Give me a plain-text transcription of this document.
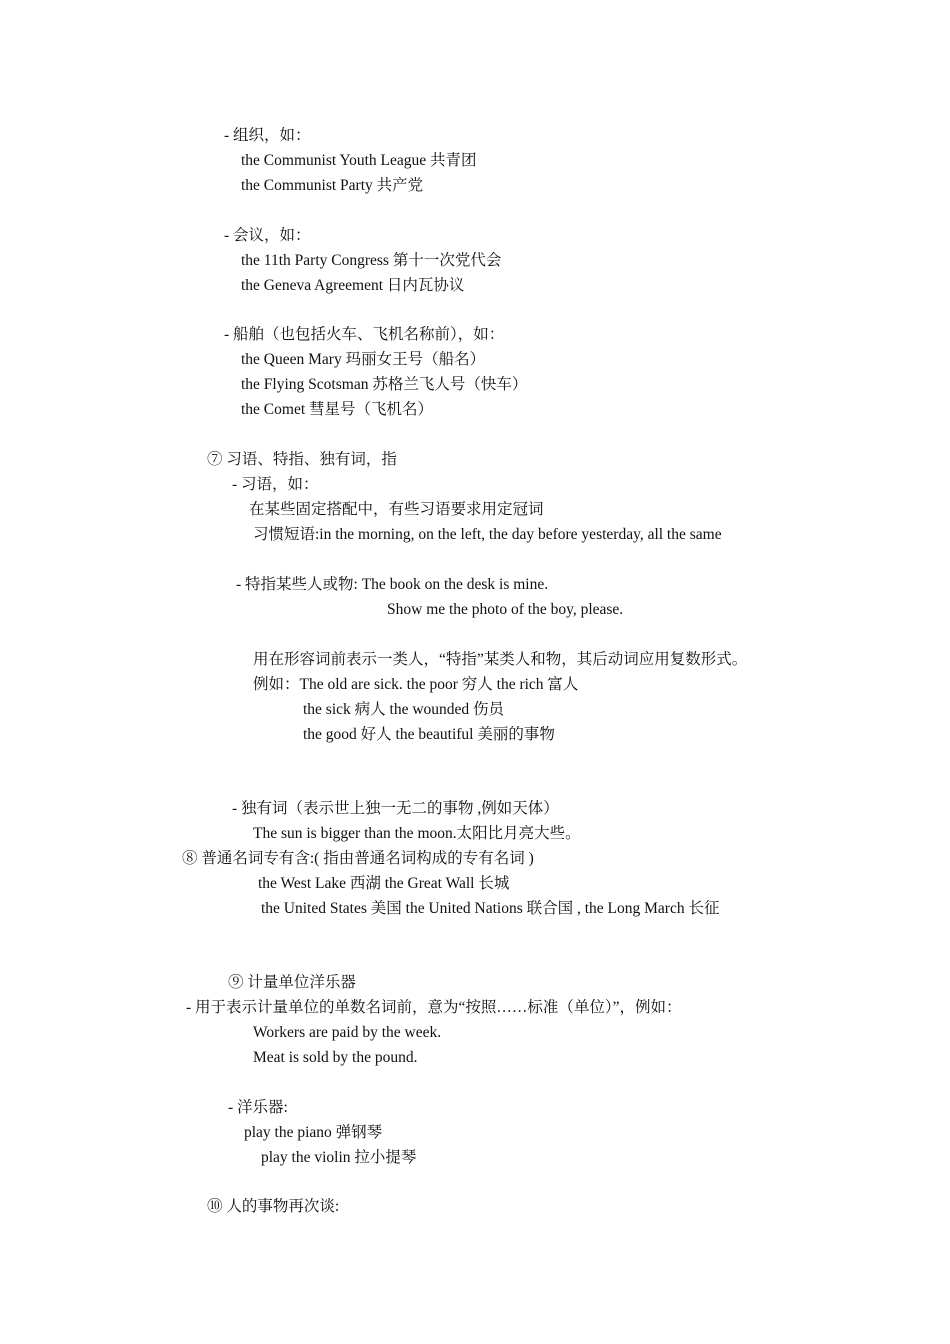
- 组织，如：
the Communist Youth League 共青团
the Communist Party 共产党
- 会议，如：
the 11th Party Congress 第十一次党代会
the Geneva Agreement 日内瓦协议
- 船舶（也包括火车、飞机名称前），如：
the Queen Mary 玛丽女王号（船名）
the Flying Scotsman 苏格兰飞人号（快车）
the Comet 彗星号（飞机名）
⑦ 习语、特指、独有词，指
- 习语，如：
在某些固定搭配中，有些习语要求用定冠词
习惯短语:in the morning, on the left, the day before yesterday, all the same
- 特指某些人或物: The book on the desk is mine.
Show me the photo of the boy, please.
用在形容词前表示一类人，“特指”某类人和物，其后动词应用复数形式。
例如：The old are sick. the poor 穷人 the rich 富人
the sick 病人 the wounded 伤员
the good 好人 the beautiful 美丽的事物
- 独有词（表示世上独一无二的事物 ,例如天体）
The sun is bigger than the moon.太阳比月亮大些。
⑧ 普通名词专有含:( 指由普通名词构成的专有名词 )
the West Lake 西湖 the Great Wall 长城
the United States 美国 the United Nations 联合国 , the Long March 长征
⑨ 计量单位洋乐器
- 用于表示计量单位的单数名词前，意为“按照……标准（单位）”，例如：
Workers are paid by the week.
Meat is sold by the pound.
- 洋乐器:
play the piano 弹钢琴
play the violin 拉小提琴
⑩ 人的事物再次谈:
